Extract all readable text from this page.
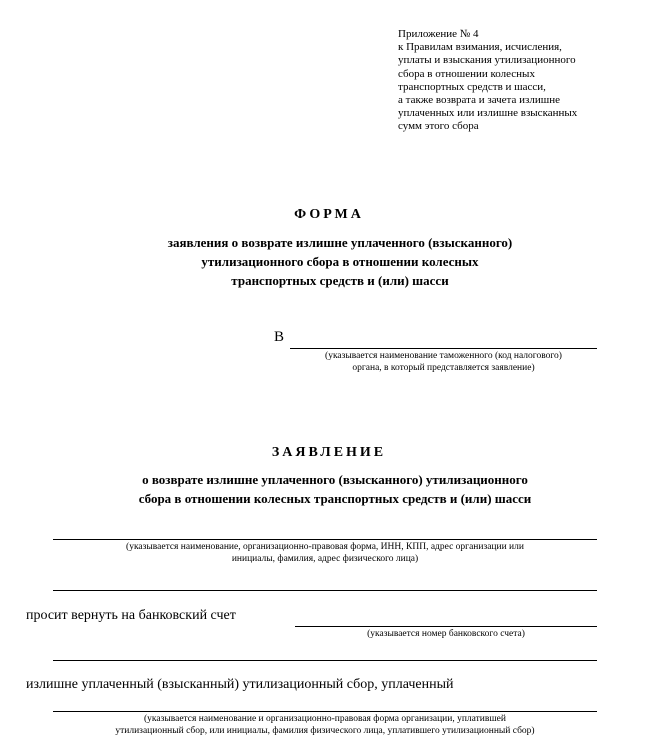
Приложение № 4
к Правилам взимания, исчисления,
уплаты и взыскания утилизационного
сбора в отношении колесных
транспортных средств и шасси,
а также возврата и зачета излишне
уплаченных или излишне взысканных
сумм этого сбора
ФОРМА
заявления о возврате излишне уплаченного (взысканного)
утилизационного сбора в отношении колесных
транспортных средств и (или) шасси
В
(указывается наименование таможенного (код налогового)
органа, в который представляется заявление)
ЗАЯВЛЕНИЕ
о возврате излишне уплаченного (взысканного) утилизационного
сбора в отношении колесных транспортных средств и (или) шасси
(указывается наименование, организационно-правовая форма, ИНН, КПП, адрес организации или
инициалы, фамилия, адрес физического лица)
просит вернуть на банковский счет
(указывается номер банковского счета)
излишне уплаченный (взысканный) утилизационный сбор, уплаченный
(указывается наименование и организационно-правовая форма организации, уплатившей
утилизационный сбор, или инициалы, фамилия физического лица, уплатившего утилизационный сбор)
